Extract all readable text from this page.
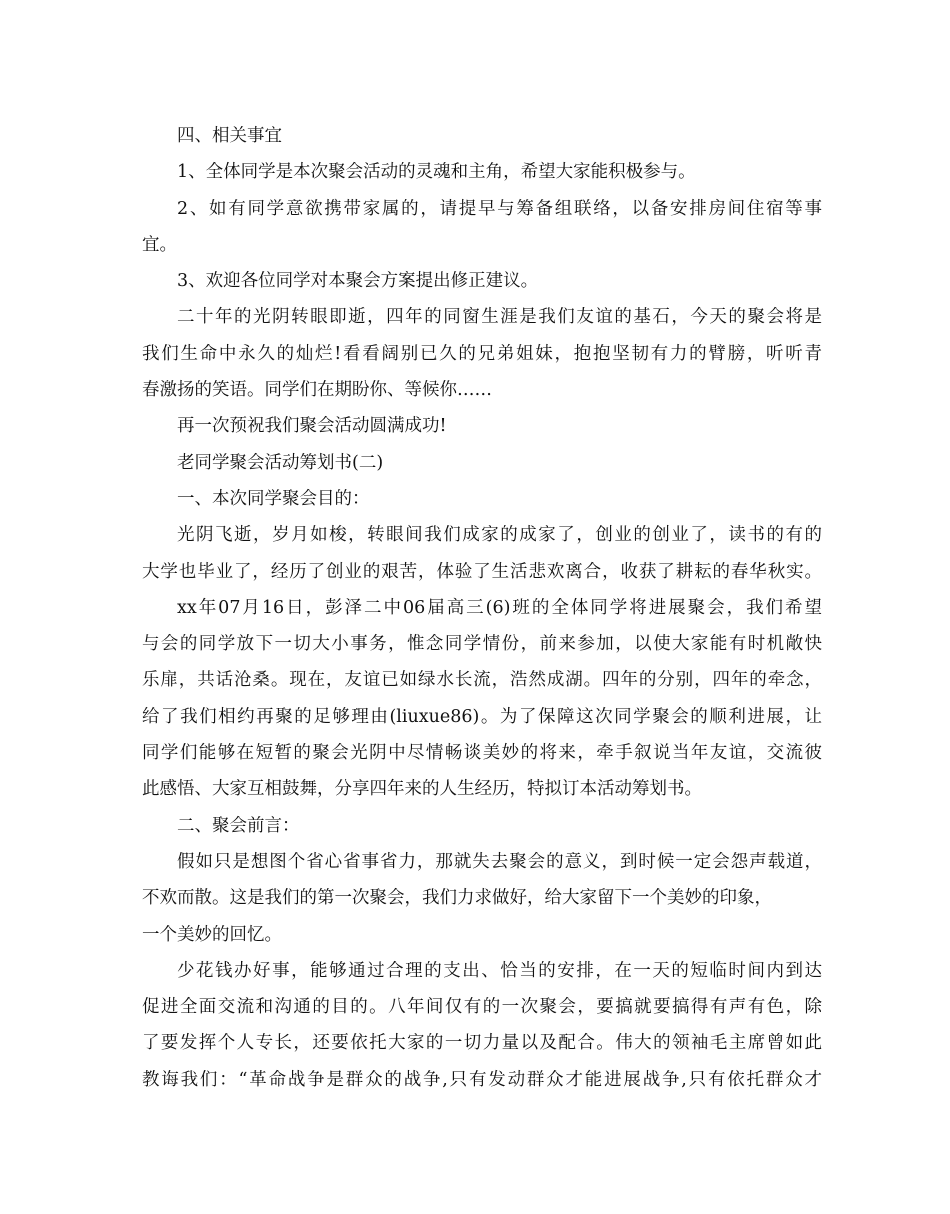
四、相关事宜
1、全体同学是本次聚会活动的灵魂和主角，希望大家能积极参与。
2、如有同学意欲携带家属的，请提早与筹备组联络，以备安排房间住宿等事
宜。
3、欢迎各位同学对本聚会方案提出修正建议。
二十年的光阴转眼即逝，四年的同窗生涯是我们友谊的基石，今天的聚会将是
我们生命中永久的灿烂!看看阔别已久的兄弟姐妹，抱抱坚韧有力的臂膀，听听青
春激扬的笑语。同学们在期盼你、等候你……
再一次预祝我们聚会活动圆满成功!
老同学聚会活动筹划书(二)
一、本次同学聚会目的：
光阴飞逝，岁月如梭，转眼间我们成家的成家了，创业的创业了，读书的有的
大学也毕业了，经历了创业的艰苦，体验了生活悲欢离合，收获了耕耘的春华秋实。
xx年07月16日，彭泽二中06届高三(6)班的全体同学将进展聚会，我们希望
与会的同学放下一切大小事务，惟念同学情份，前来参加，以使大家能有时机敞快
乐扉，共话沧桑。现在，友谊已如绿水长流，浩然成湖。四年的分别，四年的牵念，
给了我们相约再聚的足够理由(liuxue86)。为了保障这次同学聚会的顺利进展，让
同学们能够在短暂的聚会光阴中尽情畅谈美妙的将来，牵手叙说当年友谊，交流彼
此感悟、大家互相鼓舞，分享四年来的人生经历，特拟订本活动筹划书。
二、聚会前言：
假如只是想图个省心省事省力，那就失去聚会的意义，到时候一定会怨声载道，
不欢而散。这是我们的第一次聚会，我们力求做好，给大家留下一个美妙的印象，
一个美妙的回忆。
少花钱办好事，能够通过合理的支出、恰当的安排，在一天的短临时间内到达
促进全面交流和沟通的目的。八年间仅有的一次聚会，要搞就要搞得有声有色，除
了要发挥个人专长，还要依托大家的一切力量以及配合。伟大的领袖毛主席曾如此
教诲我们：“革命战争是群众的战争,只有发动群众才能进展战争,只有依托群众才
